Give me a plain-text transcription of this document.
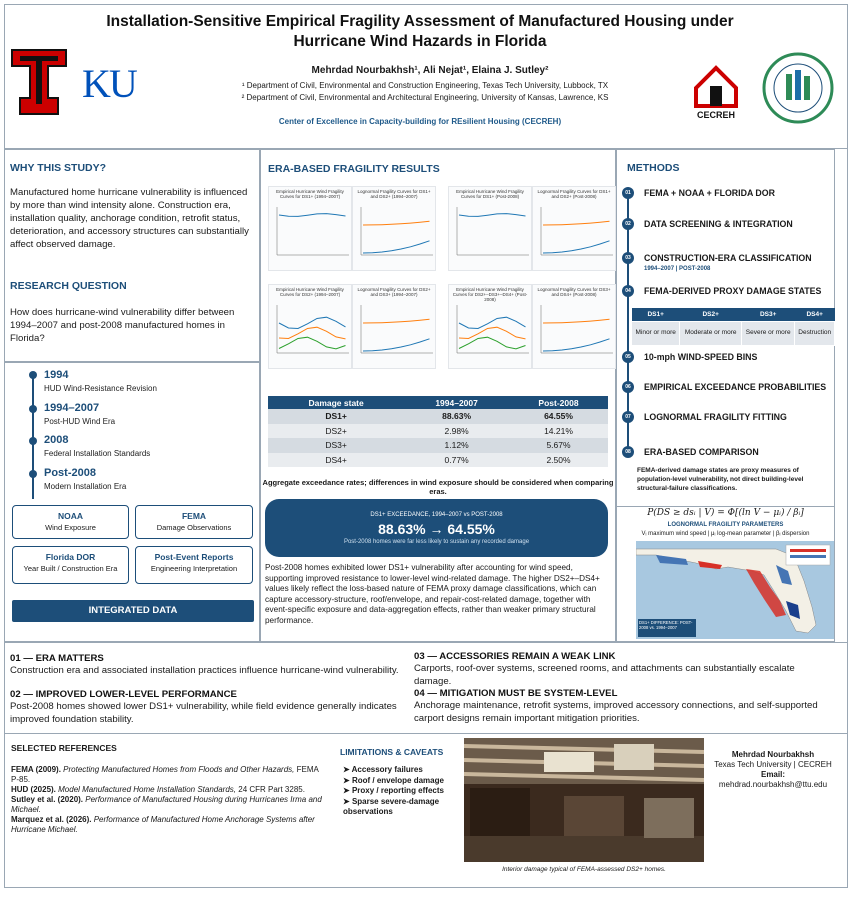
KU
Installation-Sensitive Empirical Fragility Assessment of Manufactured Housing under Hurricane Wind Hazards in Florida
Mehrdad Nourbakhsh¹, Ali Nejat¹, Elaina J. Sutley²
¹ Department of Civil, Environmental and Construction Engineering, Texas Tech University, Lubbock, TX
² Department of Civil, Environmental and Architectural Engineering, University of Kansas, Lawrence, KS
Center of Excellence in Capacity-building for REsilient Housing (CECREH)
CECREH
WHY THIS STUDY?
Manufactured home hurricane vulnerability is influenced by more than wind intensity alone. Construction era, installation quality, anchorage condition, retrofit status, deterioration, and accessory structures can substantially affect observed damage.
RESEARCH QUESTION
How does hurricane-wind vulnerability differ between 1994–2007 and post-2008 manufactured homes in Florida?
1994
HUD Wind-Resistance Revision
1994–2007
Post-HUD Wind Era
2008
Federal Installation Standards
Post-2008
Modern Installation Era
NOAA
Wind Exposure
FEMA
Damage Observations
Florida DOR
Year Built / Construction Era
Post-Event Reports
Engineering Interpretation
INTEGRATED DATA
ERA-BASED FRAGILITY RESULTS
Empirical Hurricane Wind Fragility Curves for DS1+ (1994–2007)
Lognormal Fragility Curves for DS1+ and DS2+ (1994–2007)
Empirical Hurricane Wind Fragility Curves for DS1+ (Post-2008)
Lognormal Fragility Curves for DS1+ and DS2+ (Post-2008)
Empirical Hurricane Wind Fragility Curves for DS2+ (1994–2007)
Lognormal Fragility Curves for DS2+ and DS3+ (1994–2007)
Empirical Hurricane Wind Fragility Curves for DS2+–DS3+–DS4+ (Post-2008)
Lognormal Fragility Curves for DS3+ and DS4+ (Post-2008)
Damage state	1994–2007	Post-2008
DS1+	88.63%	64.55%
DS2+	2.98%	14.21%
DS3+	1.12%	5.67%
DS4+	0.77%	2.50%
Aggregate exceedance rates; differences in wind exposure should be considered when comparing eras.
DS1+ EXCEEDANCE, 1994–2007 vs POST-2008
88.63% → 64.55%
Post-2008 homes were far less likely to sustain any recorded damage
Post-2008 homes exhibited lower DS1+ vulnerability after accounting for wind speed, supporting improved resistance to lower-level wind-related damage. The higher DS2+–DS4+ values likely reflect the loss-based nature of FEMA proxy damage classifications, which can capture accessory-structure, roof/envelope, and repair-cost-related damage, together with event-specific exposure and data-aggregation effects, rather than weaker primary structural performance.
METHODS
01	FEMA + NOAA + FLORIDA DOR
02	DATA SCREENING & INTEGRATION
03	CONSTRUCTION-ERA CLASSIFICATION
1994–2007 | POST-2008
04	FEMA-DERIVED PROXY DAMAGE STATES
05	10-mph WIND-SPEED BINS
06	EMPIRICAL EXCEEDANCE PROBABILITIES
07	LOGNORMAL FRAGILITY FITTING
08	ERA-BASED COMPARISON
DS1+	DS2+	DS3+	DS4+
Minor or more	Moderate or more	Severe or more	Destruction
FEMA-derived damage states are proxy measures of population-level vulnerability, not direct building-level structural-failure classifications.
P(DS ≥ dsᵢ | V) = Φ[(ln V − μᵢ) / βᵢ]
LOGNORMAL FRAGILITY PARAMETERS
Vᵢ maximum wind speed | μᵢ log-mean parameter | βᵢ dispersion
DS1+ DIFFERENCE: POST-2008 vs. 1994–2007
01 — ERA MATTERS

Construction era and associated installation practices influence hurricane-wind vulnerability.

02 — IMPROVED LOWER-LEVEL PERFORMANCE

Post-2008 homes showed lower DS1+ vulnerability, while field evidence generally indicates improved foundation stability.

03 — ACCESSORIES REMAIN A WEAK LINK

Carports, roof-over systems, screened rooms, and attachments can substantially escalate damage.

04 — MITIGATION MUST BE SYSTEM-LEVEL

Anchorage maintenance, retrofit systems, improved accessory connections, and self-supported carport designs remain important mitigation priorities.

SELECTED REFERENCES
FEMA (2009). Protecting Manufactured Homes from Floods and Other Hazards, FEMA P-85.
HUD (2025). Model Manufactured Home Installation Standards, 24 CFR Part 3285.
Sutley et al. (2020). Performance of Manufactured Housing during Hurricanes Irma and Michael.
Marquez et al. (2026). Performance of Manufactured Home Anchorage Systems after Hurricane Michael.
LIMITATIONS & CAVEATS
➤ Accessory failures
➤ Roof / envelope damage
➤ Proxy / reporting effects
➤ Sparse severe-damage observations
Interior damage typical of FEMA-assessed DS2+ homes.
Mehrdad Nourbakhsh
Texas Tech University | CECREH
Email:
mehdrad.nourbakhsh@ttu.edu
